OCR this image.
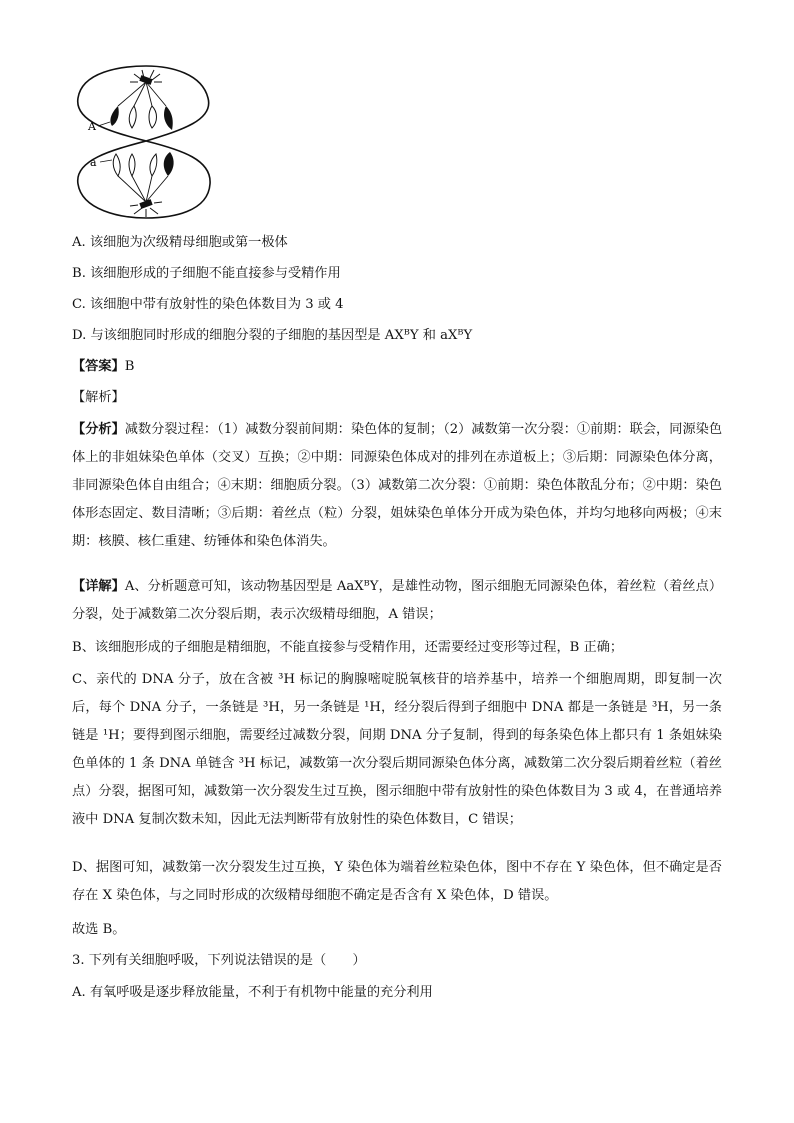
A
a
A. 该细胞为次级精母细胞或第一极体
B. 该细胞形成的子细胞不能直接参与受精作用
C. 该细胞中带有放射性的染色体数目为 3 或 4
D. 与该细胞同时形成的细胞分裂的子细胞的基因型是 AXᴮY 和 aXᴮY
【答案】B
【解析】
【分析】减数分裂过程：（1）减数分裂前间期：染色体的复制；（2）减数第一次分裂：①前期：联会，同源染色体上的非姐妹染色单体（交叉）互换；②中期：同源染色体成对的排列在赤道板上；③后期：同源染色体分离，非同源染色体自由组合；④末期：细胞质分裂。（3）减数第二次分裂：①前期：染色体散乱分布；②中期：染色体形态固定、数目清晰；③后期：着丝点（粒）分裂，姐妹染色单体分开成为染色体，并均匀地移向两极；④末期：核膜、核仁重建、纺锤体和染色体消失。
【详解】A、分析题意可知，该动物基因型是 AaXᴮY，是雄性动物，图示细胞无同源染色体，着丝粒（着丝点）分裂，处于减数第二次分裂后期，表示次级精母细胞，A 错误；
B、该细胞形成的子细胞是精细胞，不能直接参与受精作用，还需要经过变形等过程，B 正确；
C、亲代的 DNA 分子，放在含被 ³H 标记的胸腺嘧啶脱氧核苷的培养基中，培养一个细胞周期，即复制一次后，每个 DNA 分子，一条链是 ³H，另一条链是 ¹H，经分裂后得到子细胞中 DNA 都是一条链是 ³H，另一条链是 ¹H；要得到图示细胞，需要经过减数分裂，间期 DNA 分子复制，得到的每条染色体上都只有 1 条姐妹染色单体的 1 条 DNA 单链含 ³H 标记，减数第一次分裂后期同源染色体分离，减数第二次分裂后期着丝粒（着丝点）分裂，据图可知，减数第一次分裂发生过互换，图示细胞中带有放射性的染色体数目为 3 或 4，在普通培养液中 DNA 复制次数未知，因此无法判断带有放射性的染色体数目，C 错误；
D、据图可知，减数第一次分裂发生过互换，Y 染色体为端着丝粒染色体，图中不存在 Y 染色体，但不确定是否存在 X 染色体，与之同时形成的次级精母细胞不确定是否含有 X 染色体，D 错误。
故选 B。
3. 下列有关细胞呼吸，下列说法错误的是（　　）
A. 有氧呼吸是逐步释放能量，不利于有机物中能量的充分利用
